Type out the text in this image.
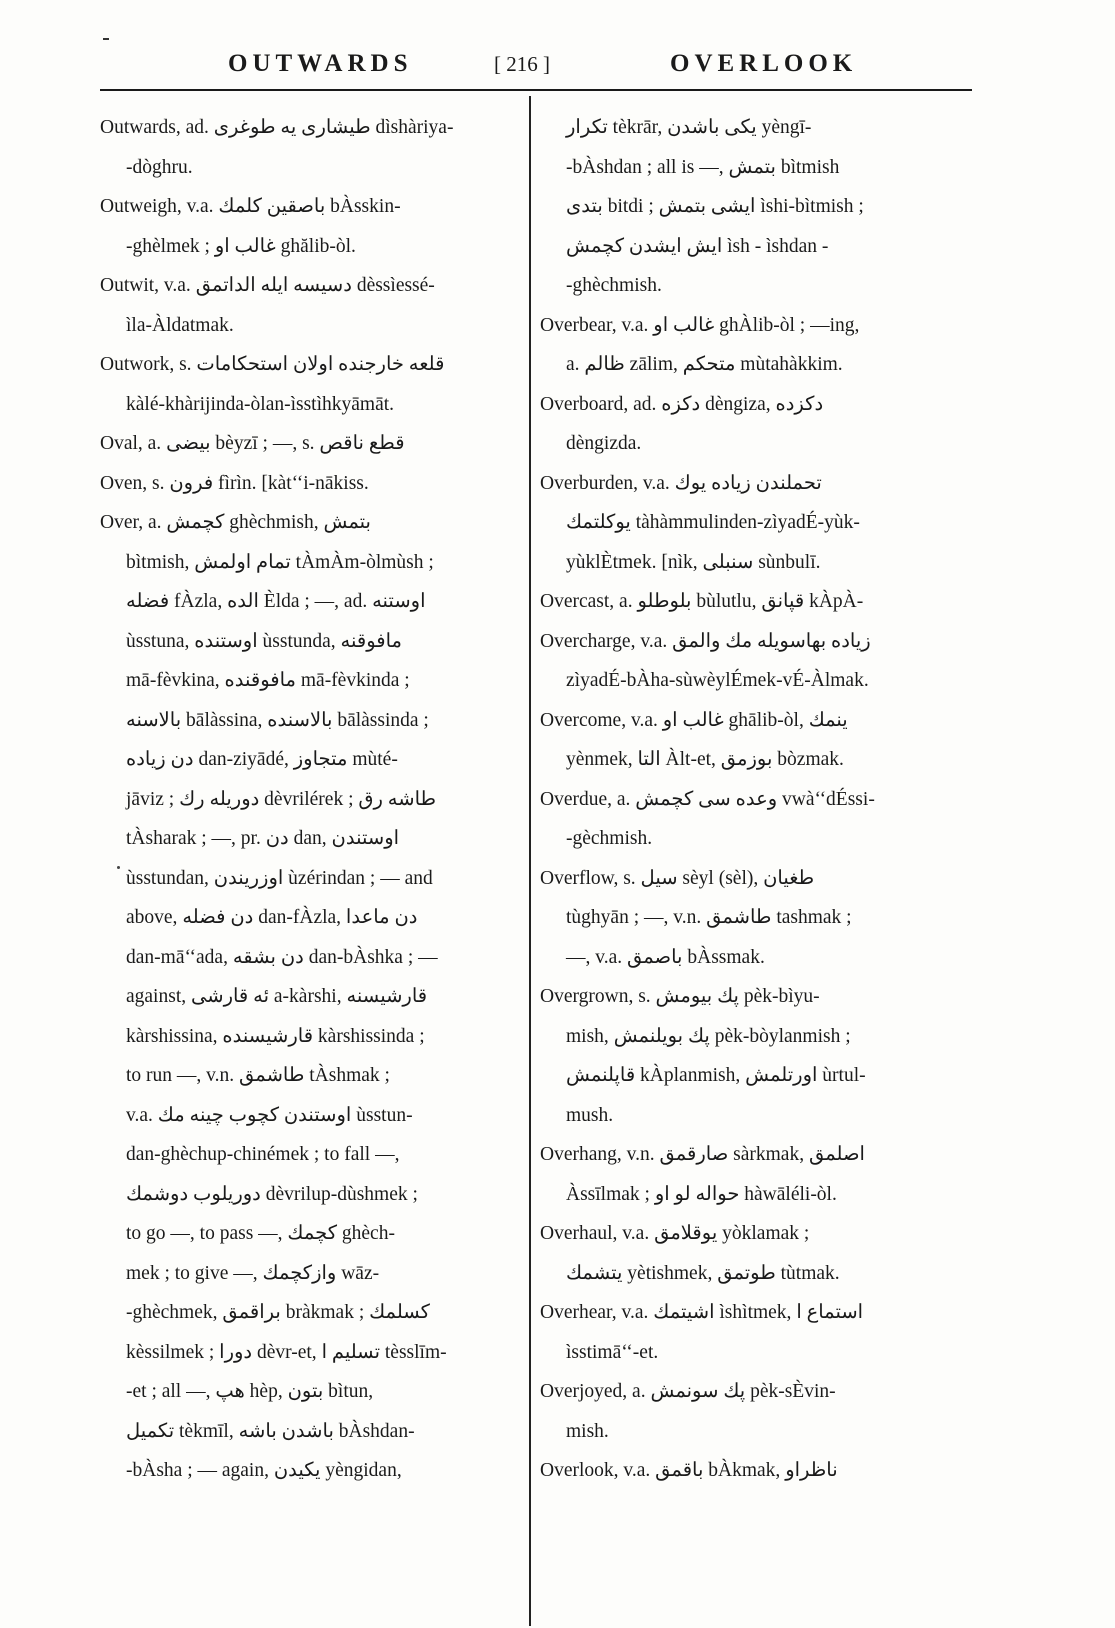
OUTWARDS	[ 216 ]	OVERLOOK
Outwards, ad. طيشارى يه طوغرى dìshàriya-
-dòghru.
Outweigh, v.a. باصقين كلمك bÀsskin-
-ghèlmek ; غالب او ghălib-òl.
Outwit, v.a. دسيسه ايله الداتمق dèssìessé-
ìla-Àldatmak.
Outwork, s. قلعه خارجنده اولان استحكامات
kàlé-khàrijinda-òlan-ìsstìhkyāmāt.
Oval, a. بيضى bèyzī ; —, s. قطع ناقص
Oven, s. فرون fìrìn. [kàt‘‘i-nākiss.
Over, a. كچمش ghèchmish, بتمش
bìtmish, تمام اولمش tÀmÀm-òlmùsh ;
فضله fÀzla, الده Èlda ; —, ad. اوستنه
ùsstuna, اوستنده ùsstunda, مافوقنه
mā-fèvkina, مافوقنده mā-fèvkinda ;
بالاسنه bālàssina, بالاسنده bālàssinda ;
دن زياده dan-ziyādé, متجاوز mùté-
jāviz ; دوريله رك dèvrilérek ; طاشه رق
tÀsharak ; —, pr. دن dan, اوستندن
ùsstundan, اوزريندن ùzérindan ; — and
above, دن فضله dan-fÀzla, دن ماعدا
dan-mā‘‘ada, دن بشقه dan-bÀshka ; —
against, ئه قارشى a-kàrshi, قارشيسنه
kàrshissina, قارشيسنده kàrshissinda ;
to run —, v.n. طاشمق tÀshmak ;
v.a. اوستندن كچوب چينه مك ùsstun-
dan-ghèchup-chinémek ; to fall —,
دوريلوب دوشمك dèvrilup-dùshmek ;
to go —, to pass —, كچمك ghèch-
mek ; to give —, وازكچمك wāz-
-ghèchmek, براقمق bràkmak ; كسلمك
kèssilmek ; دورا dèvr-et, تسليم ا tèsslīm-
-et ; all —, هپ hèp, بتون bìtun,
تكميل tèkmīl, باشدن باشه bÀshdan-
-bÀsha ; — again, يكيدن yèngidan,
تكرار tèkrār, يكى باشدن yèngī-
-bÀshdan ; all is —, بتمش bìtmish
بتدى bitdi ; ايشى بتمش ìshi-bìtmish ;
ايش ايشدن كچمش ìsh - ìshdan -
-ghèchmish.
Overbear, v.a. غالب او ghÀlib-òl ; —ing,
a. ظالم zālim, متحكم mùtahàkkim.
Overboard, ad. دكزه dèngiza, دكزده
dèngizda.
Overburden, v.a. تحملندن زياده يوك
يوكلتمك tàhàmmulinden-zìyadÉ-yùk-
yùklÈtmek. [nìk, سنبلى sùnbulī.
Overcast, a. بلوطلو bùlutlu, قپانق kÀpÀ-
Overcharge, v.a. زياده بهاسويله مك والمق
zìyadÉ-bÀha-sùwèylÉmek-vÉ-Àlmak.
Overcome, v.a. غالب او ghālib-òl, ينمك
yènmek, التا Àlt-et, بوزمق bòzmak.
Overdue, a. وعده سى كچمش vwà‘‘dÉssi-
-gèchmish.
Overflow, s. سيل sèyl (sèl), طغيان
tùghyān ; —, v.n. طاشمق tashmak ;
—, v.a. باصمق bÀssmak.
Overgrown, s. پك بيومش pèk-bìyu-
mish, پك بويلنمش pèk-bòylanmish ;
قاپلنمش kÀplanmish, اورتلمش ùrtul-
mush.
Overhang, v.n. صارقمق sàrkmak, اصلمق
Àssīlmak ; حواله لو او hàwāléli-òl.
Overhaul, v.a. يوقلامق yòklamak ;
يتشمك yètishmek, طوتمق tùtmak.
Overhear, v.a. اشيتمك ìshìtmek, استماع ا
ìsstimā‘‘-et.
Overjoyed, a. پك سونمش pèk-sÈvin-
mish.
Overlook, v.a. باقمق bÀkmak, ناظراو
